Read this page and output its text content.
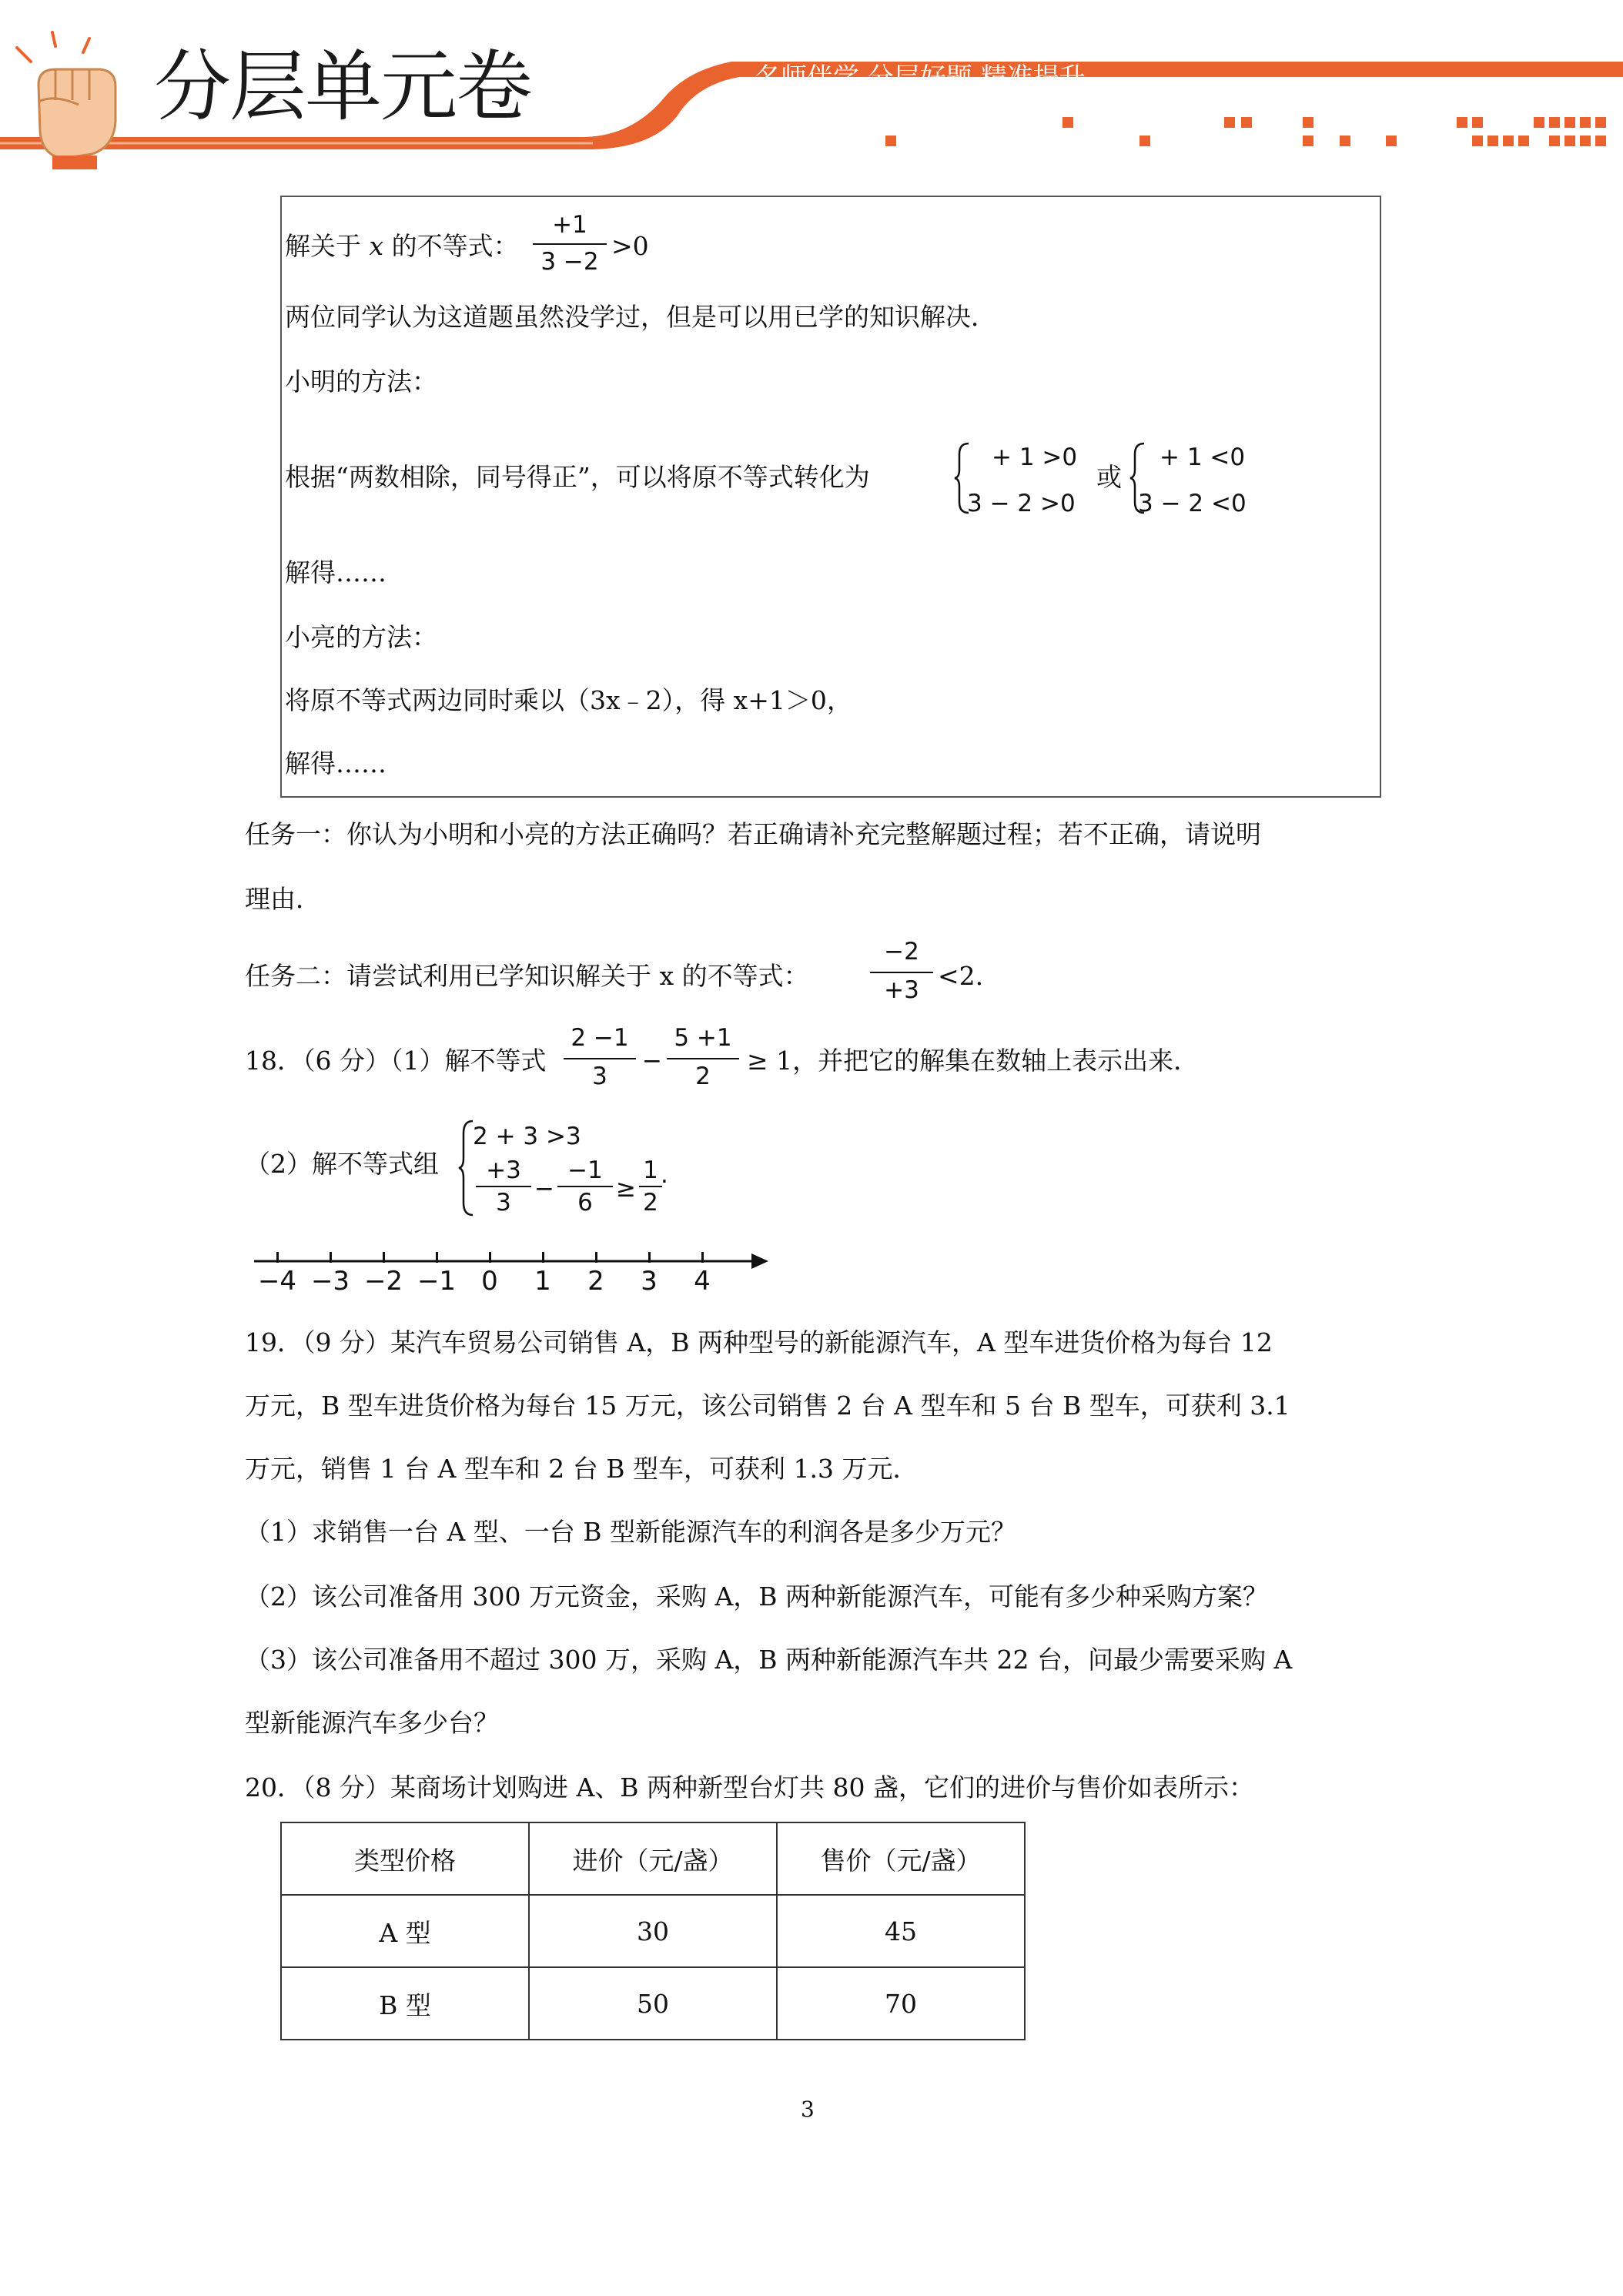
分层单元卷	名师伴学 分层好题 精准提升
解关于 x 的不等式：
+1
3 −2
>0
两位同学认为这道题虽然没学过，但是可以用已学的知识解决．
小明的方法：
根据“两数相除，同号得正”，可以将原不等式转化为
+ 1 >0
3 − 2 >0
或
+ 1 <0
3 − 2 <0
解得……
小亮的方法：
将原不等式两边同时乘以（3x﹣2），得 x+1＞0，
解得……
任务一：你认为小明和小亮的方法正确吗？若正确请补充完整解题过程；若不正确，请说明
理由．
任务二：请尝试利用已学知识解关于 x 的不等式：
−2
+3 <2.
18．（6 分）（1）解不等式
2 −1
3
−
5 +1
2
≥ 1，并把它的解集在数轴上表示出来．
（2）解不等式组
2 + 3 >3
+3
3 −
−1
6 ≥
1
2
.
−4 −3 −2 −1 0	1	2	3	4
19．（9 分）某汽车贸易公司销售 A，B 两种型号的新能源汽车，A 型车进货价格为每台 12
万元，B 型车进货价格为每台 15 万元，该公司销售 2 台 A 型车和 5 台 B 型车，可获利 3.1
万元，销售 1 台 A 型车和 2 台 B 型车，可获利 1.3 万元．
（1）求销售一台 A 型、一台 B 型新能源汽车的利润各是多少万元？
（2）该公司准备用 300 万元资金，采购 A，B 两种新能源汽车，可能有多少种采购方案？
（3）该公司准备用不超过 300 万，采购 A，B 两种新能源汽车共 22 台，问最少需要采购 A
型新能源汽车多少台？
20．（8 分）某商场计划购进 A、B 两种新型台灯共 80 盏，它们的进价与售价如表所示：
类型价格	进价（元/盏）	售价（元/盏）
A 型	30	45
B 型	50	70
3
